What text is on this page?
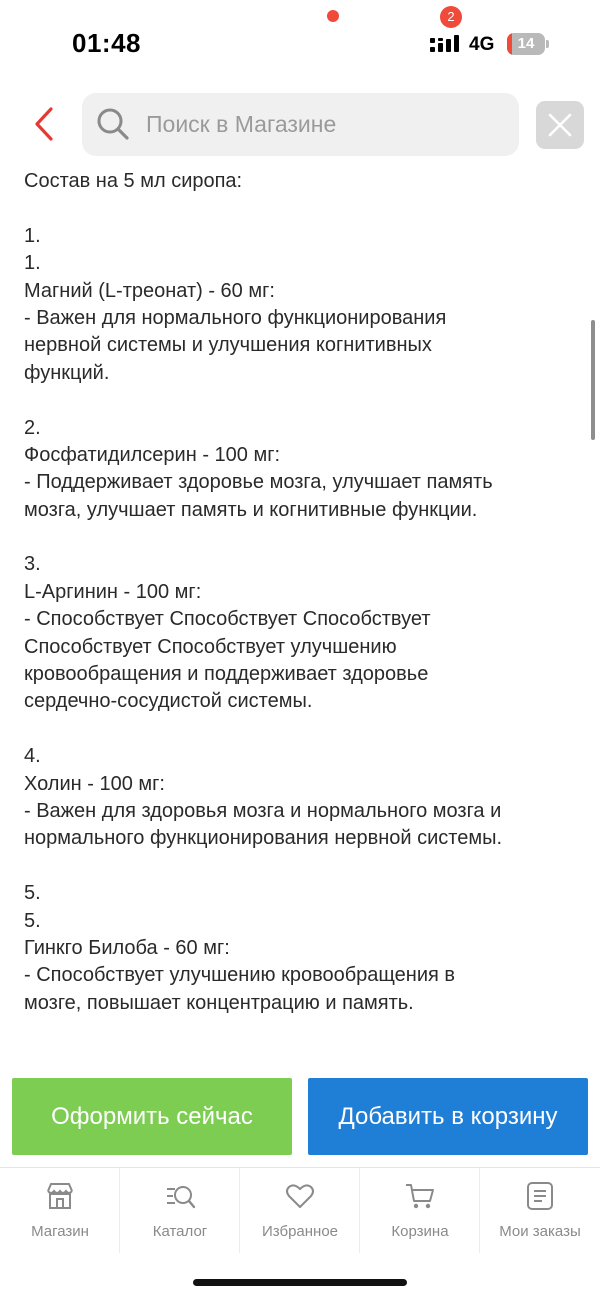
01:48	4G	14
Поиск в Магазине
Состав на 5 мл сиропа:
1.
1.
Магний (L-треонат) - 60 мг:
- Важен для нормального функционирования
нервной системы и улучшения когнитивных
функций.
2.
Фосфатидилсерин - 100 мг:
- Поддерживает здоровье мозга, улучшает память
мозга, улучшает память и когнитивные функции.
3.
L-Аргинин - 100 мг:
- Способствует Способствует Способствует
Способствует Способствует улучшению
кровообращения и поддерживает здоровье
сердечно-сосудистой системы.
4.
Холин - 100 мг:
- Важен для здоровья мозга и нормального мозга и
нормального функционирования нервной системы.
5.
5.
Гинкго Билоба - 60 мг:
- Способствует улучшению кровообращения в
мозге, повышает концентрацию и память.
Оформить сейчас	Добавить в корзину
Магазин	Каталог	Избранное	Корзина	Мои заказы
2
